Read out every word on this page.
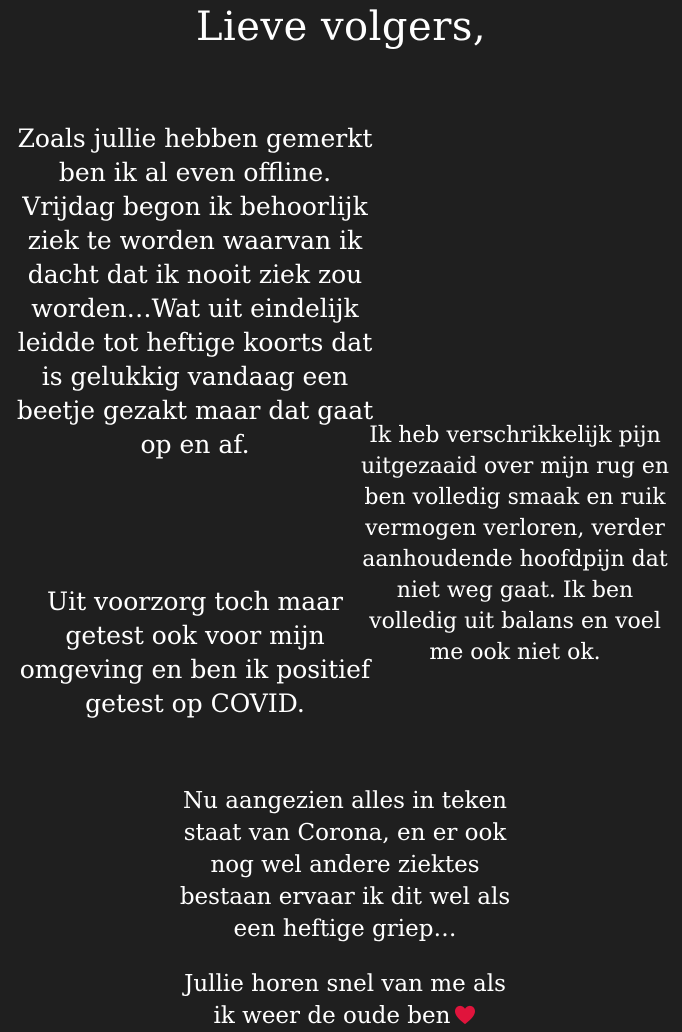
Lieve volgers,
Zoals jullie hebben gemerkt
ben ik al even offline.
Vrijdag begon ik behoorlijk
ziek te worden waarvan ik
dacht dat ik nooit ziek zou
worden…Wat uit eindelijk
leidde tot heftige koorts dat
is gelukkig vandaag een
beetje gezakt maar dat gaat
op en af.	Ik heb verschrikkelijk pijn
uitgezaaid over mijn rug en
ben volledig smaak en ruik
vermogen verloren, verder
aanhoudende hoofdpijn dat
niet weg gaat. Ik ben
volledig uit balans en voel
me ook niet ok.
Uit voorzorg toch maar
getest ook voor mijn
omgeving en ben ik positief
getest op COVID.
Nu aangezien alles in teken
staat van Corona, en er ook
nog wel andere ziektes
bestaan ervaar ik dit wel als
een heftige griep…
Jullie horen snel van me als
ik weer de oude ben
